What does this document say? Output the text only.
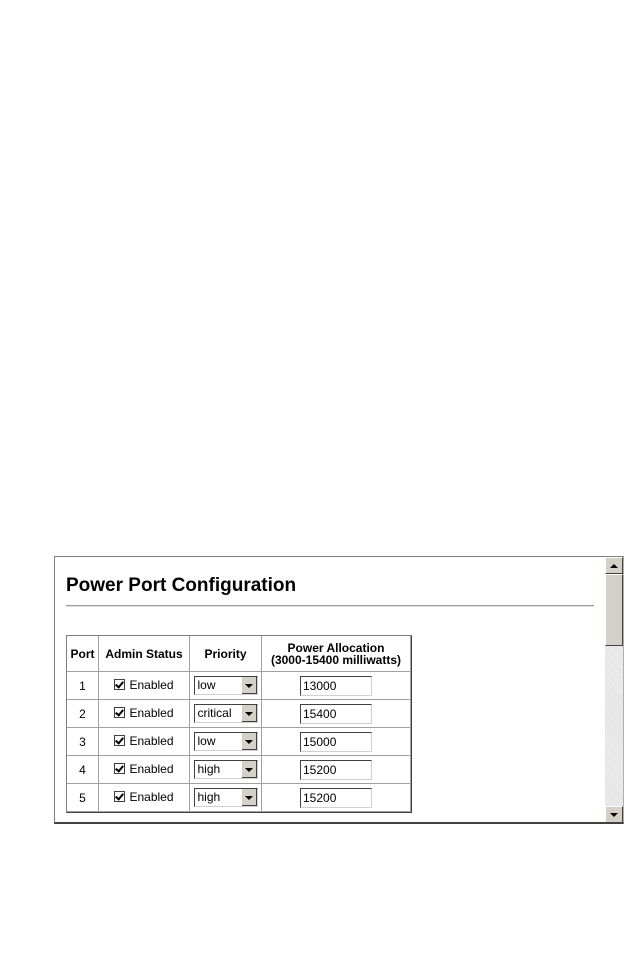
Power Port Configuration
Port	Admin Status	Priority	Power Allocation
(3000-15400 milliwatts)
1	Enabled	low	13000
2	Enabled	critical	15400
3	Enabled	low	15000
4	Enabled	high	15200
5	Enabled	high	15200
